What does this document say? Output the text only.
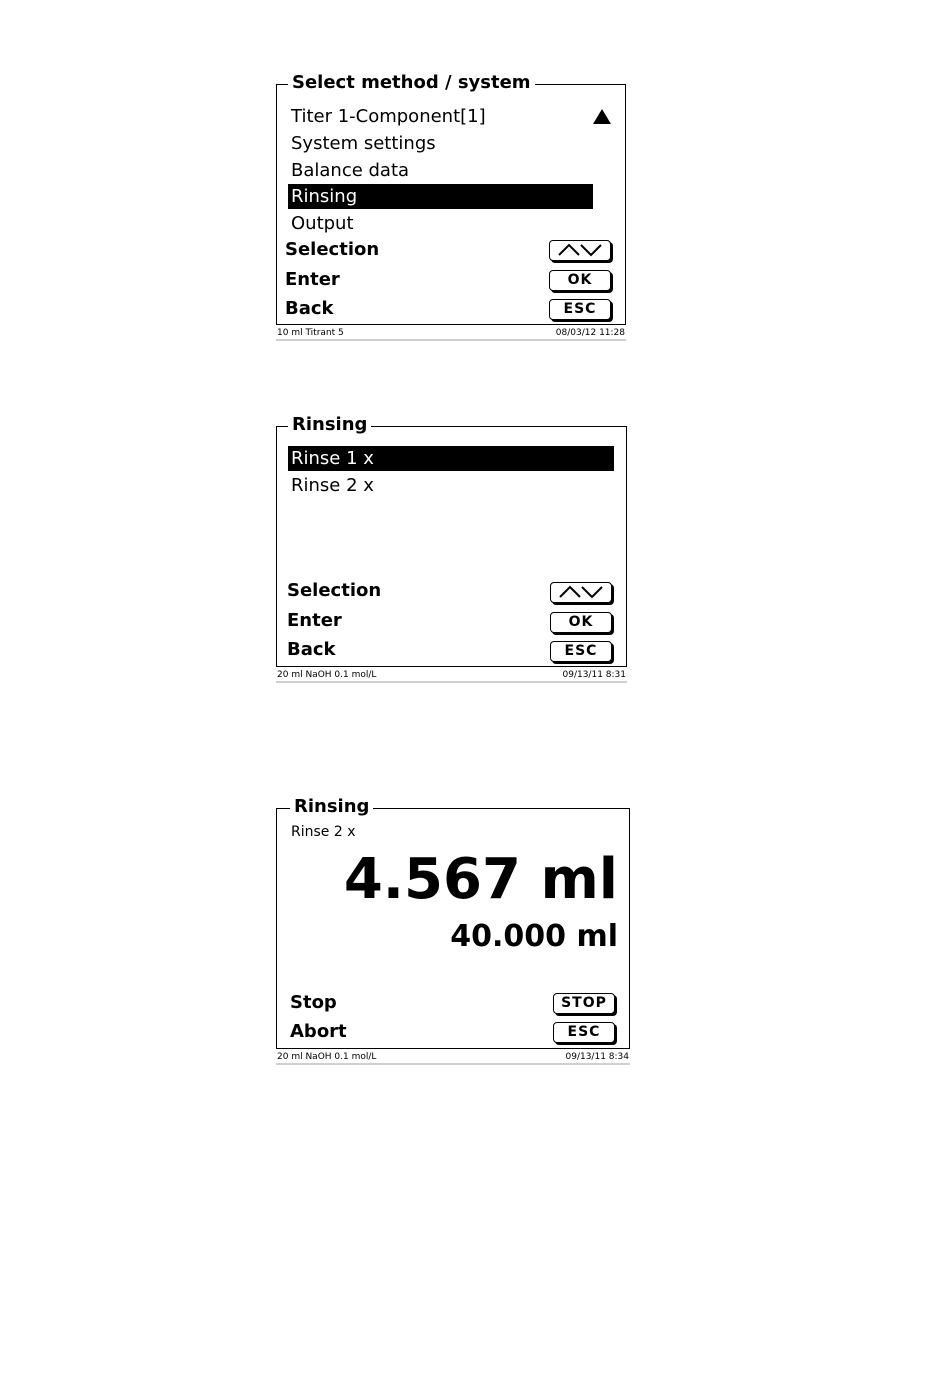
Select method / system
Titer 1-Component[1]
System settings
Balance data
Rinsing
Output
Selection
Enter	OK
Back	ESC
10 ml Titrant 5	08/03/12 11:28
Rinsing
Rinse 1 x
Rinse 2 x
Selection
Enter	OK
Back	ESC
20 ml NaOH 0.1 mol/L	09/13/11 8:31
Rinsing
Rinse 2 x
4.567 ml
40.000 ml
Stop	STOP
Abort	ESC
20 ml NaOH 0.1 mol/L	09/13/11 8:34
